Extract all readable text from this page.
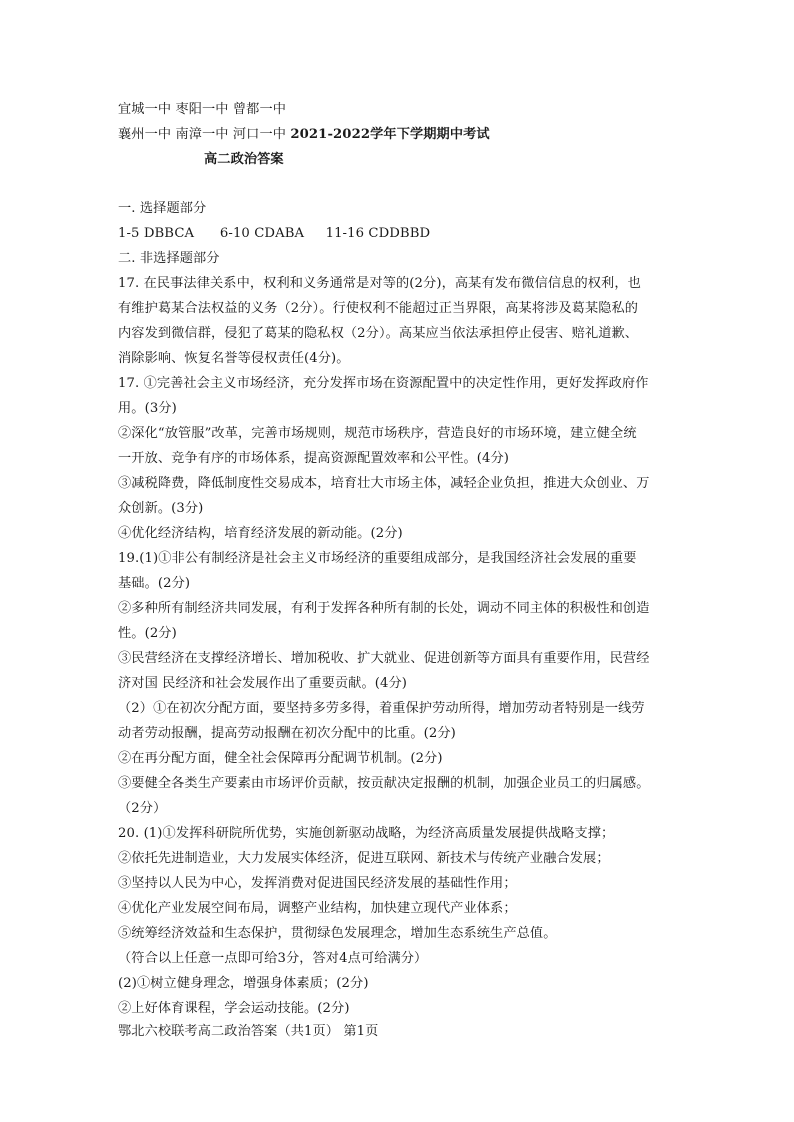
宜城一中 枣阳一中 曾都一中
襄州一中 南漳一中 河口一中 2021-2022学年下学期期中考试
高二政治答案
一. 选择题部分
1-5 DBBCA      6-10 CDABA     11-16 CDDBBD
二. 非选择题部分
17. 在民事法律关系中，权利和义务通常是对等的(2分)，高某有发布微信信息的权利，也
有维护葛某合法权益的义务（2分）。行使权利不能超过正当界限，高某将涉及葛某隐私的
内容发到微信群，侵犯了葛某的隐私权（2分）。高某应当依法承担停止侵害、赔礼道歉、
消除影响、恢复名誉等侵权责任(4分)。
17. ①完善社会主义市场经济，充分发挥市场在资源配置中的决定性作用，更好发挥政府作
用。(3分)
②深化“放管服”改革，完善市场规则，规范市场秩序，营造良好的市场环境，建立健全统
一开放、竞争有序的市场体系，提高资源配置效率和公平性。(4分)
③减税降费，降低制度性交易成本，培育壮大市场主体，减轻企业负担，推进大众创业、万
众创新。(3分)
④优化经济结构，培育经济发展的新动能。(2分)
19.(1)①非公有制经济是社会主义市场经济的重要组成部分，是我国经济社会发展的重要
基础。(2分)
②多种所有制经济共同发展，有利于发挥各种所有制的长处，调动不同主体的积极性和创造
性。(2分)
③民营经济在支撑经济增长、增加税收、扩大就业、促进创新等方面具有重要作用，民营经
济对国 民经济和社会发展作出了重要贡献。(4分)
（2）①在初次分配方面，要坚持多劳多得，着重保护劳动所得，增加劳动者特别是一线劳
动者劳动报酬，提高劳动报酬在初次分配中的比重。(2分)
②在再分配方面，健全社会保障再分配调节机制。(2分)
③要健全各类生产要素由市场评价贡献，按贡献决定报酬的机制，加强企业员工的归属感。
（2分）
20. (1)①发挥科研院所优势，实施创新驱动战略，为经济高质量发展提供战略支撑；
②依托先进制造业，大力发展实体经济，促进互联网、新技术与传统产业融合发展；
③坚持以人民为中心，发挥消费对促进国民经济发展的基础性作用；
④优化产业发展空间布局，调整产业结构，加快建立现代产业体系；
⑤统筹经济效益和生态保护，贯彻绿色发展理念，增加生态系统生产总值。
（符合以上任意一点即可给3分，答对4点可给满分）
(2)①树立健身理念，增强身体素质；(2分)
②上好体育课程，学会运动技能。(2分)
鄂北六校联考高二政治答案（共1页） 第1页
